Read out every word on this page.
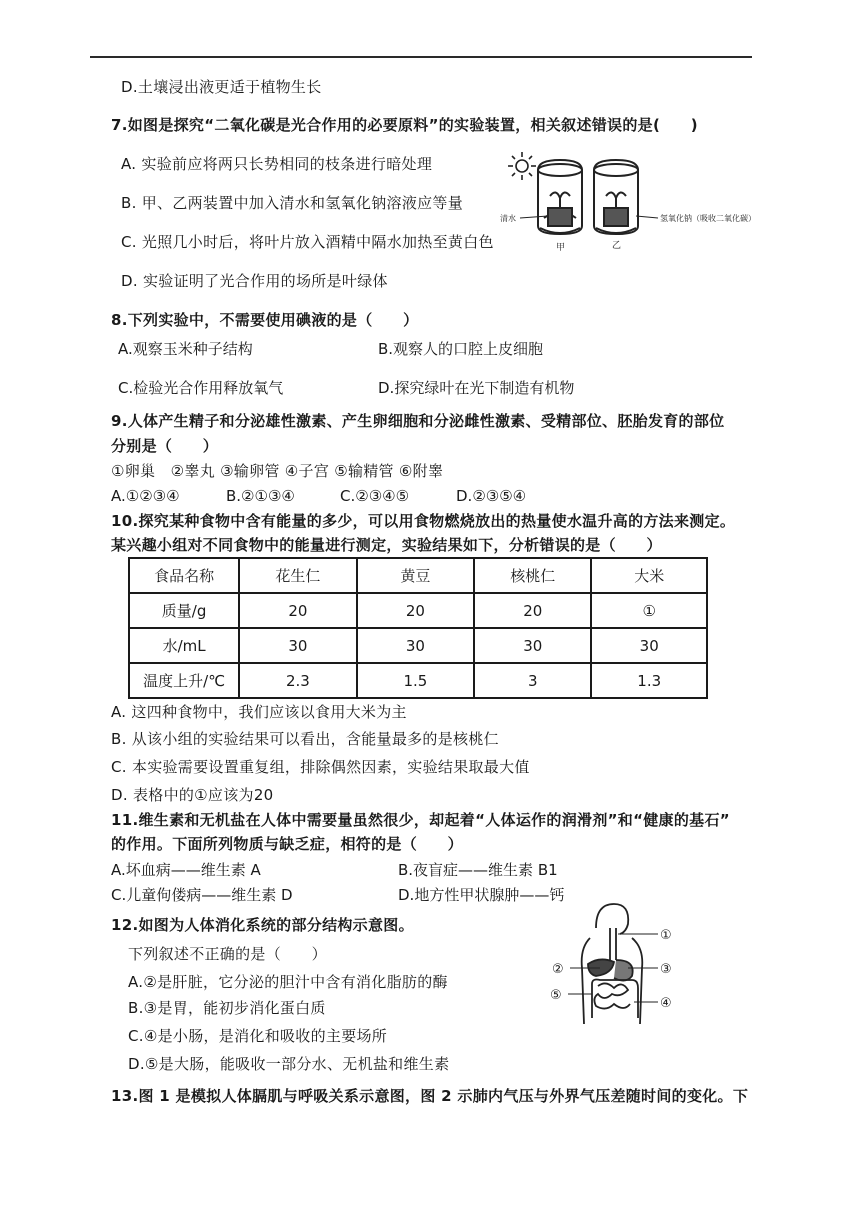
D.土壤浸出液更适于植物生长
7.如图是探究“二氧化碳是光合作用的必要原料”的实验装置，相关叙述错误的是(　　)
A. 实验前应将两只长势相同的枝条进行暗处理
B. 甲、乙两装置中加入清水和氢氧化钠溶液应等量
C. 光照几小时后，将叶片放入酒精中隔水加热至黄白色
D. 实验证明了光合作用的场所是叶绿体
清水	氢氧化钠（吸收二氧化碳）
甲	乙
8.下列实验中，不需要使用碘液的是（　　）
A.观察玉米种子结构	B.观察人的口腔上皮细胞
C.检验光合作用释放氧气	D.探究绿叶在光下制造有机物
9.人体产生精子和分泌雄性激素、产生卵细胞和分泌雌性激素、受精部位、胚胎发育的部位
分别是（　　）
①卵巢　②睾丸 ③输卵管 ④子宫 ⑤输精管 ⑥附睾
A.①②③④	B.②①③④	C.②③④⑤	D.②③⑤④
10.探究某种食物中含有能量的多少，可以用食物燃烧放出的热量使水温升高的方法来测定。
某兴趣小组对不同食物中的能量进行测定，实验结果如下，分析错误的是（　　）
食品名称	花生仁	黄豆	核桃仁	大米
质量/g	20	20	20	①
水/mL	30	30	30	30
温度上升/℃	2.3	1.5	3	1.3
A. 这四种食物中，我们应该以食用大米为主
B. 从该小组的实验结果可以看出，含能量最多的是核桃仁
C. 本实验需要设置重复组，排除偶然因素，实验结果取最大值
D. 表格中的①应该为20
11.维生素和无机盐在人体中需要量虽然很少，却起着“人体运作的润滑剂”和“健康的基石”
的作用。下面所列物质与缺乏症，相符的是（　　）
A.坏血病——维生素 A	B.夜盲症——维生素 B1
C.儿童佝偻病——维生素 D	D.地方性甲状腺肿——钙
12.如图为人体消化系统的部分结构示意图。
下列叙述不正确的是（　　）
A.②是肝脏，它分泌的胆汁中含有消化脂肪的酶
B.③是胃，能初步消化蛋白质
C.④是小肠，是消化和吸收的主要场所
D.⑤是大肠，能吸收一部分水、无机盐和维生素
①
②	③
④
⑤
13.图 1 是模拟人体膈肌与呼吸关系示意图，图 2 示肺内气压与外界气压差随时间的变化。下
